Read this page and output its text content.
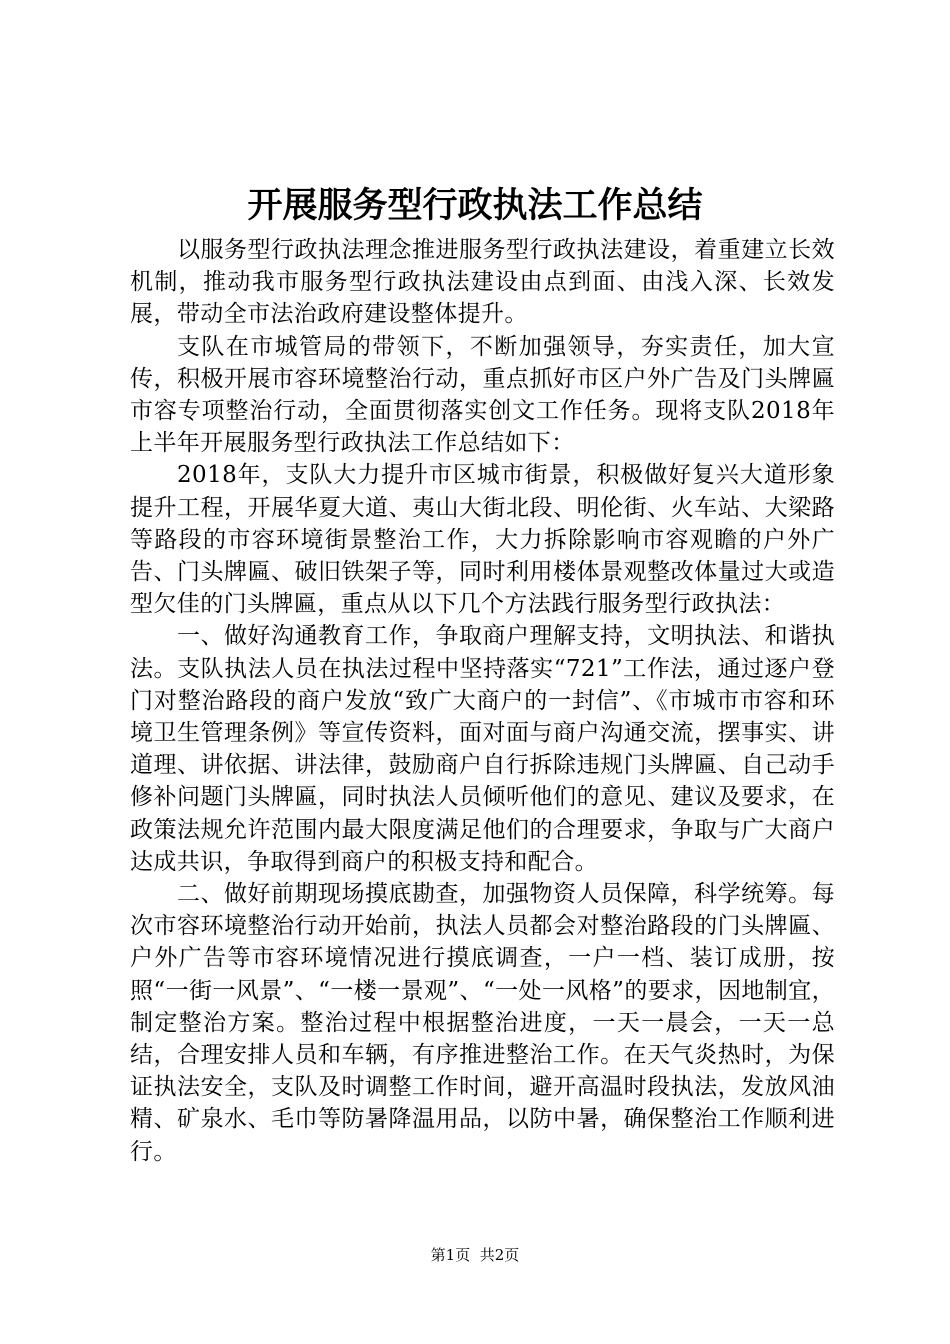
开展服务型行政执法工作总结

以服务型行政执法理念推进服务型行政执法建设，着重建立长效机制，推动我市服务型行政执法建设由点到面、由浅入深、长效发展，带动全市法治政府建设整体提升。

支队在市城管局的带领下，不断加强领导，夯实责任，加大宣传，积极开展市容环境整治行动，重点抓好市区户外广告及门头牌匾市容专项整治行动，全面贯彻落实创文工作任务。现将支队2018年上半年开展服务型行政执法工作总结如下：

2018年，支队大力提升市区城市街景，积极做好复兴大道形象提升工程，开展华夏大道、夷山大街北段、明伦街、火车站、大梁路等路段的市容环境街景整治工作，大力拆除影响市容观瞻的户外广告、门头牌匾、破旧铁架子等，同时利用楼体景观整改体量过大或造型欠佳的门头牌匾，重点从以下几个方法践行服务型行政执法：

一、做好沟通教育工作，争取商户理解支持，文明执法、和谐执法。支队执法人员在执法过程中坚持落实“721”工作法，通过逐户登门对整治路段的商户发放“致广大商户的一封信”、《市城市市容和环境卫生管理条例》等宣传资料，面对面与商户沟通交流，摆事实、讲道理、讲依据、讲法律，鼓励商户自行拆除违规门头牌匾、自己动手修补问题门头牌匾，同时执法人员倾听他们的意见、建议及要求，在政策法规允许范围内最大限度满足他们的合理要求，争取与广大商户达成共识，争取得到商户的积极支持和配合。

二、做好前期现场摸底勘查，加强物资人员保障，科学统筹。每次市容环境整治行动开始前，执法人员都会对整治路段的门头牌匾、户外广告等市容环境情况进行摸底调查，一户一档、装订成册，按照“一街一风景”、“一楼一景观”、“一处一风格”的要求，因地制宜，制定整治方案。整治过程中根据整治进度，一天一晨会，一天一总结，合理安排人员和车辆，有序推进整治工作。在天气炎热时，为保证执法安全，支队及时调整工作时间，避开高温时段执法，发放风油精、矿泉水、毛巾等防暑降温用品，以防中暑，确保整治工作顺利进行。

第1页 共2页
